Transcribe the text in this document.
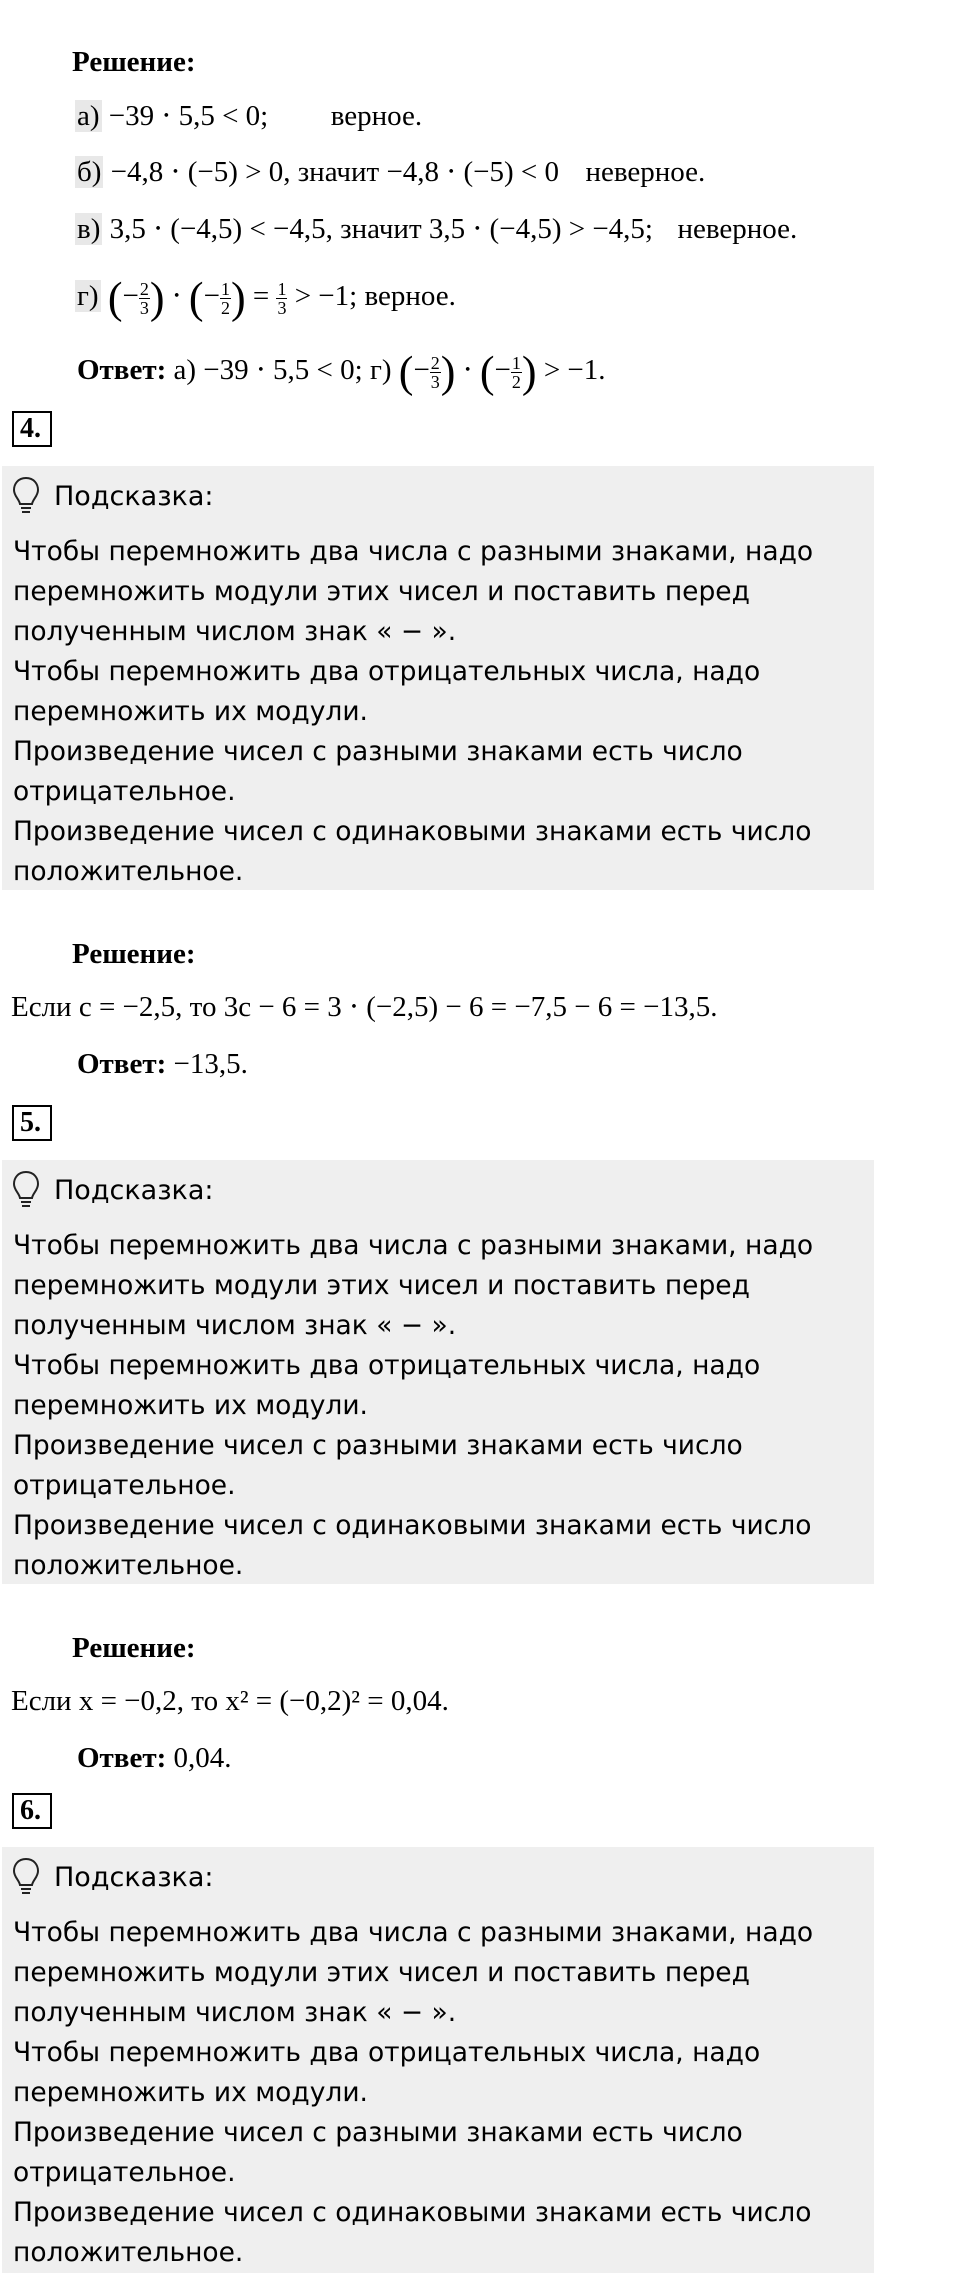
Решение:
а) −39 ⋅ 5,5 < 0; верное.
б) −4,8 ⋅ (−5) > 0, значит −4,8 ⋅ (−5) < 0 неверное.
в) 3,5 ⋅ (−4,5) < −4,5, значит 3,5 ⋅ (−4,5) > −4,5; неверное.
г) (− $\frac{2}{3}$ ) ⋅ (− $\frac{1}{2}$ ) = $\frac{1}{3} > -1$; верное.
Ответ: а) −39 ⋅ 5,5 < 0; г) (− $\frac{2}{3}$ ) ⋅ (− $\frac{1}{2}$ ) > −1.
4.
Подсказка:

Чтобы перемножить два числа с разными знаками, надо

перемножить модули этих чисел и поставить перед

полученным числом знак « − ».

Чтобы перемножить два отрицательных числа, надо

перемножить их модули.

Произведение чисел с разными знаками есть число

отрицательное.

Произведение чисел с одинаковыми знаками есть число

положительное.

Решение:
Если c = −2,5, то 3c − 6 = 3 ⋅ (−2,5) − 6 = −7,5 − 6 = −13,5.
Ответ: −13,5.
5.
Подсказка:

Чтобы перемножить два числа с разными знаками, надо

перемножить модули этих чисел и поставить перед

полученным числом знак « − ».

Чтобы перемножить два отрицательных числа, надо

перемножить их модули.

Произведение чисел с разными знаками есть число

отрицательное.

Произведение чисел с одинаковыми знаками есть число

положительное.

Решение:
Если x = −0,2, то x² = (−0,2)² = 0,04.
Ответ: 0,04.
6.
Подсказка:

Чтобы перемножить два числа с разными знаками, надо

перемножить модули этих чисел и поставить перед

полученным числом знак « − ».

Чтобы перемножить два отрицательных числа, надо

перемножить их модули.

Произведение чисел с разными знаками есть число

отрицательное.

Произведение чисел с одинаковыми знаками есть число

положительное.
